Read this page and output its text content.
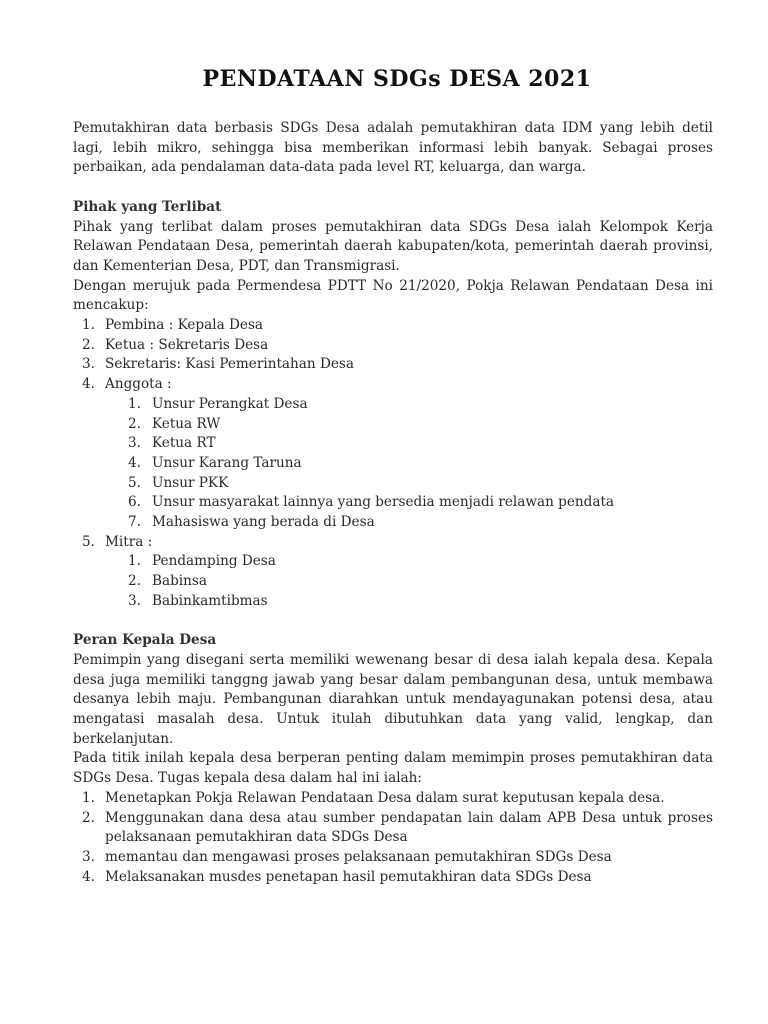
PENDATAAN SDGs DESA 2021

Pemutakhiran data berbasis SDGs Desa adalah pemutakhiran data IDM yang lebih detil lagi, lebih mikro, sehingga bisa memberikan informasi lebih banyak. Sebagai proses perbaikan, ada pendalaman data-data pada level RT, keluarga, dan warga.

Pihak yang Terlibat

Pihak yang terlibat dalam proses pemutakhiran data SDGs Desa ialah Kelompok Kerja Relawan Pendataan Desa, pemerintah daerah kabupaten/kota, pemerintah daerah provinsi, dan Kementerian Desa, PDT, dan Transmigrasi.

Dengan merujuk pada Permendesa PDTT No 21/2020, Pokja Relawan Pendataan Desa ini mencakup:

1. Pembina : Kepala Desa
2. Ketua : Sekretaris Desa
3. Sekretaris: Kasi Pemerintahan Desa
4. Anggota :
1. Unsur Perangkat Desa
2. Ketua RW
3. Ketua RT
4. Unsur Karang Taruna
5. Unsur PKK
6. Unsur masyarakat lainnya yang bersedia menjadi relawan pendata
7. Mahasiswa yang berada di Desa
5. Mitra :
1. Pendamping Desa
2. Babinsa
3. Babinkamtibmas
Peran Kepala Desa

Pemimpin yang disegani serta memiliki wewenang besar di desa ialah kepala desa. Kepala desa juga memiliki tanggng jawab yang besar dalam pembangunan desa, untuk membawa desanya lebih maju. Pembangunan diarahkan untuk mendayagunakan potensi desa, atau mengatasi masalah desa. Untuk itulah dibutuhkan data yang valid, lengkap, dan berkelanjutan.

Pada titik inilah kepala desa berperan penting dalam memimpin proses pemutakhiran data SDGs Desa. Tugas kepala desa dalam hal ini ialah:

1. Menetapkan Pokja Relawan Pendataan Desa dalam surat keputusan kepala desa.
2. Menggunakan dana desa atau sumber pendapatan lain dalam APB Desa untuk proses pelaksanaan pemutakhiran data SDGs Desa
3. memantau dan mengawasi proses pelaksanaan pemutakhiran SDGs Desa
4. Melaksanakan musdes penetapan hasil pemutakhiran data SDGs Desa
